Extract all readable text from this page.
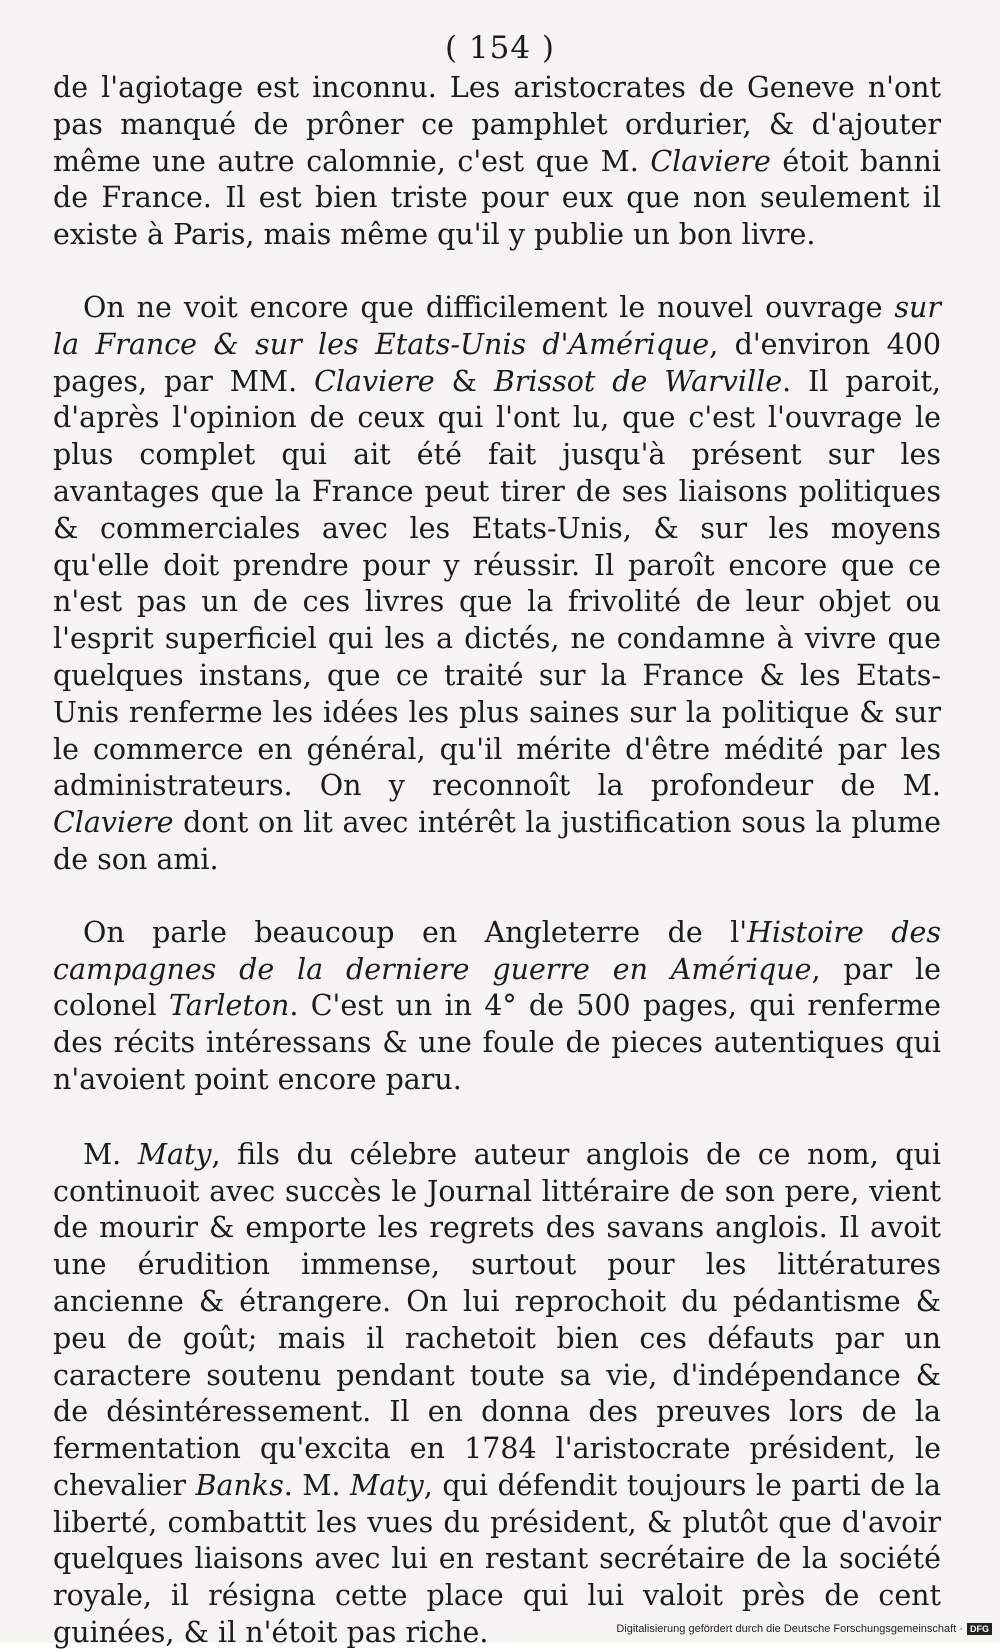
( 154 )

de l'agiotage est inconnu. Les aristocrates de Geneve n'ont pas manqué de prôner ce pamphlet ordurier, & d'ajouter même une autre calomnie, c'est que M. Claviere étoit banni de France. Il est bien triste pour eux que non seulement il existe à Paris, mais même qu'il y publie un bon livre.

On ne voit encore que difficilement le nouvel ouvrage sur la France & sur les Etats-Unis d'Amérique, d'environ 400 pages, par MM. Claviere & Brissot de Warville. Il paroit, d'après l'opinion de ceux qui l'ont lu, que c'est l'ouvrage le plus complet qui ait été fait jusqu'à présent sur les avantages que la France peut tirer de ses liaisons politiques & commerciales avec les Etats-Unis, & sur les moyens qu'elle doit prendre pour y réussir. Il paroît encore que ce n'est pas un de ces livres que la frivolité de leur objet ou l'esprit superficiel qui les a dictés, ne condamne à vivre que quelques instans, que ce traité sur la France & les Etats-Unis renferme les idées les plus saines sur la politique & sur le commerce en général, qu'il mérite d'être médité par les administrateurs. On y reconnoît la profondeur de M. Claviere dont on lit avec intérêt la justification sous la plume de son ami.

On parle beaucoup en Angleterre de l'Histoire des campagnes de la derniere guerre en Amérique, par le colonel Tarleton. C'est un in 4° de 500 pages, qui renferme des récits intéressans & une foule de pieces autentiques qui n'avoient point encore paru.

M. Maty, fils du célebre auteur anglois de ce nom, qui continuoit avec succès le Journal littéraire de son pere, vient de mourir & emporte les regrets des savans anglois. Il avoit une érudition immense, surtout pour les littératures ancienne & étrangere. On lui reprochoit du pédantisme & peu de goût; mais il rachetoit bien ces défauts par un caractere soutenu pendant toute sa vie, d'indépendance & de désintéressement. Il en donna des preuves lors de la fermentation qu'excita en 1784 l'aristocrate président, le chevalier Banks. M. Maty, qui défendit toujours le parti de la liberté, combattit les vues du président, & plutôt que d'avoir quelques liaisons avec lui en restant secrétaire de la société royale, il résigna cette place qui lui valoit près de cent guinées, & il n'étoit pas riche.	Digitalisierung gefördert durch die Deutsche Forschungsgemeinschaft · DFG
